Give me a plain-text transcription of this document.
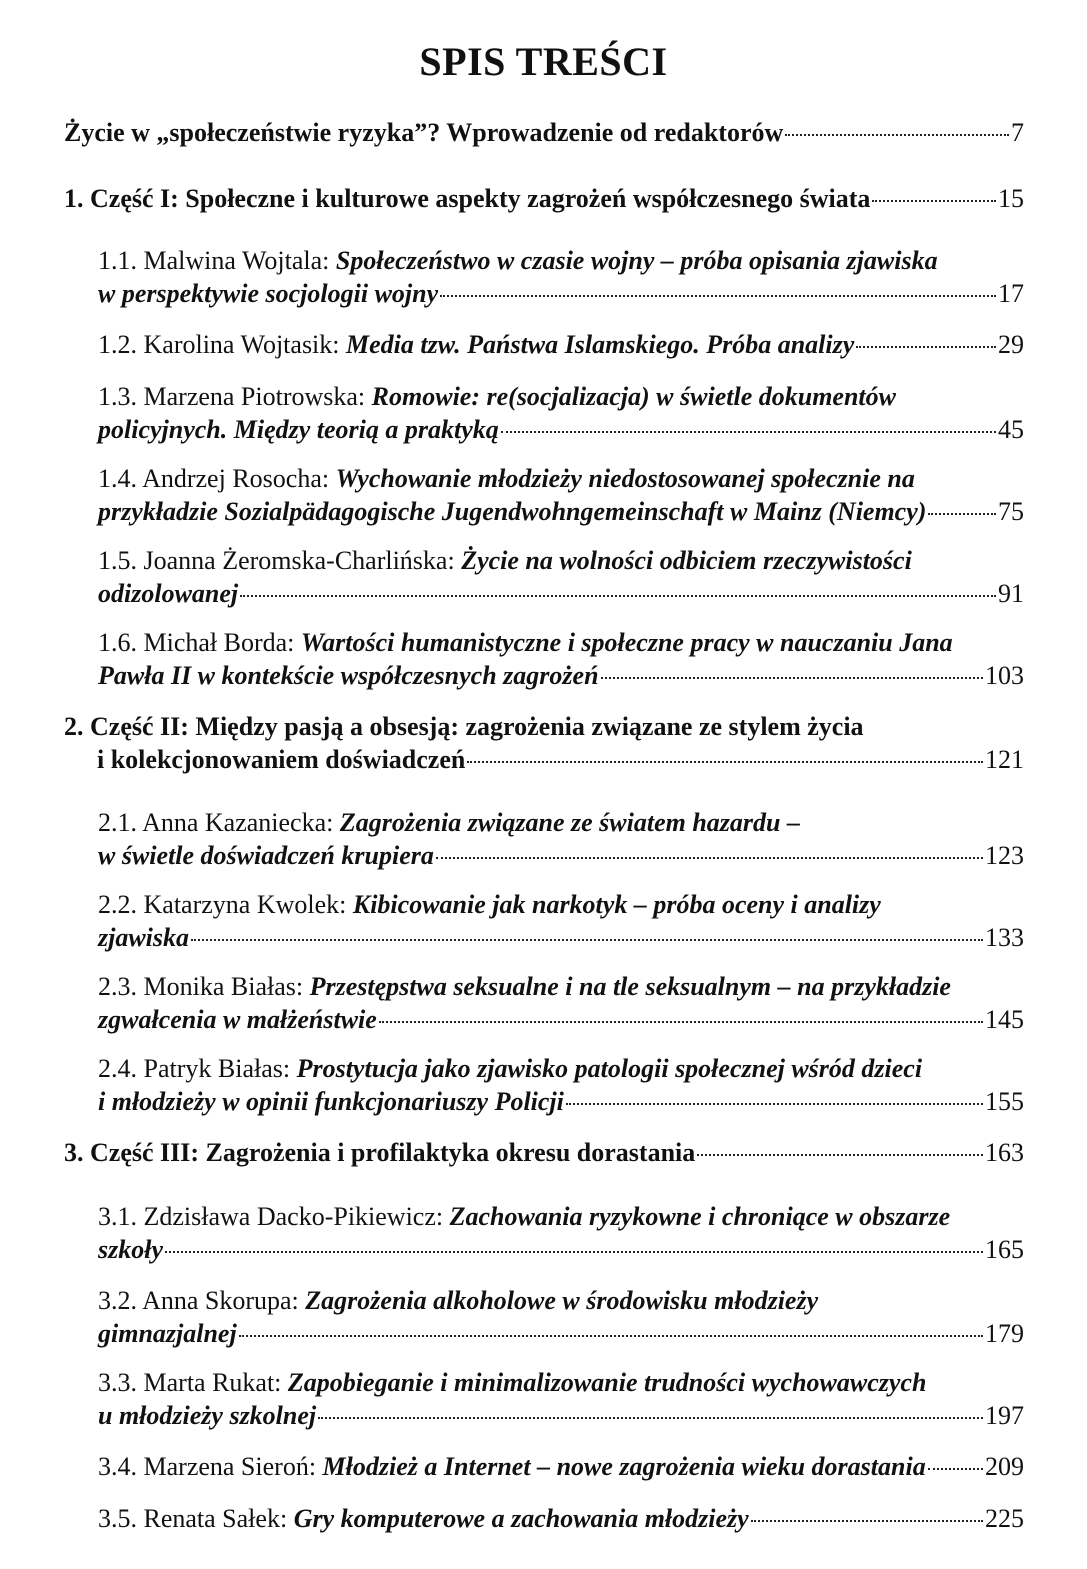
SPIS TREŚCI
Życie w „społeczeństwie ryzyka”? Wprowadzenie od redaktorów	7
1. Część I: Społeczne i kulturowe aspekty zagrożeń współczesnego świata	15
1.1. Malwina Wojtala: Społeczeństwo w czasie wojny – próba opisania zjawiska
w perspektywie socjologii wojny	17
1.2. Karolina Wojtasik: Media tzw. Państwa Islamskiego. Próba analizy	29
1.3. Marzena Piotrowska: Romowie: re(socjalizacja) w świetle dokumentów
policyjnych. Między teorią a praktyką	45
1.4. Andrzej Rosocha: Wychowanie młodzieży niedostosowanej społecznie na
przykładzie Sozialpädagogische Jugendwohngemeinschaft w Mainz (Niemcy)	75
1.5. Joanna Żeromska-Charlińska: Życie na wolności odbiciem rzeczywistości
odizolowanej	91
1.6. Michał Borda: Wartości humanistyczne i społeczne pracy w nauczaniu Jana
Pawła II w kontekście współczesnych zagrożeń	103
2. Część II: Między pasją a obsesją: zagrożenia związane ze stylem życia
i kolekcjonowaniem doświadczeń	121
2.1. Anna Kazaniecka: Zagrożenia związane ze światem hazardu –
w świetle doświadczeń krupiera	123
2.2. Katarzyna Kwolek: Kibicowanie jak narkotyk – próba oceny i analizy
zjawiska	133
2.3. Monika Białas: Przestępstwa seksualne i na tle seksualnym – na przykładzie
zgwałcenia w małżeństwie	145
2.4. Patryk Białas: Prostytucja jako zjawisko patologii społecznej wśród dzieci
i młodzieży w opinii funkcjonariuszy Policji	155
3. Część III: Zagrożenia i profilaktyka okresu dorastania	163
3.1. Zdzisława Dacko-Pikiewicz: Zachowania ryzykowne i chroniące w obszarze
szkoły	165
3.2. Anna Skorupa: Zagrożenia alkoholowe w środowisku młodzieży
gimnazjalnej	179
3.3. Marta Rukat: Zapobieganie i minimalizowanie trudności wychowawczych
u młodzieży szkolnej	197
3.4. Marzena Sieroń: Młodzież a Internet – nowe zagrożenia wieku dorastania 209
3.5. Renata Sałek: Gry komputerowe a zachowania młodzieży	225
